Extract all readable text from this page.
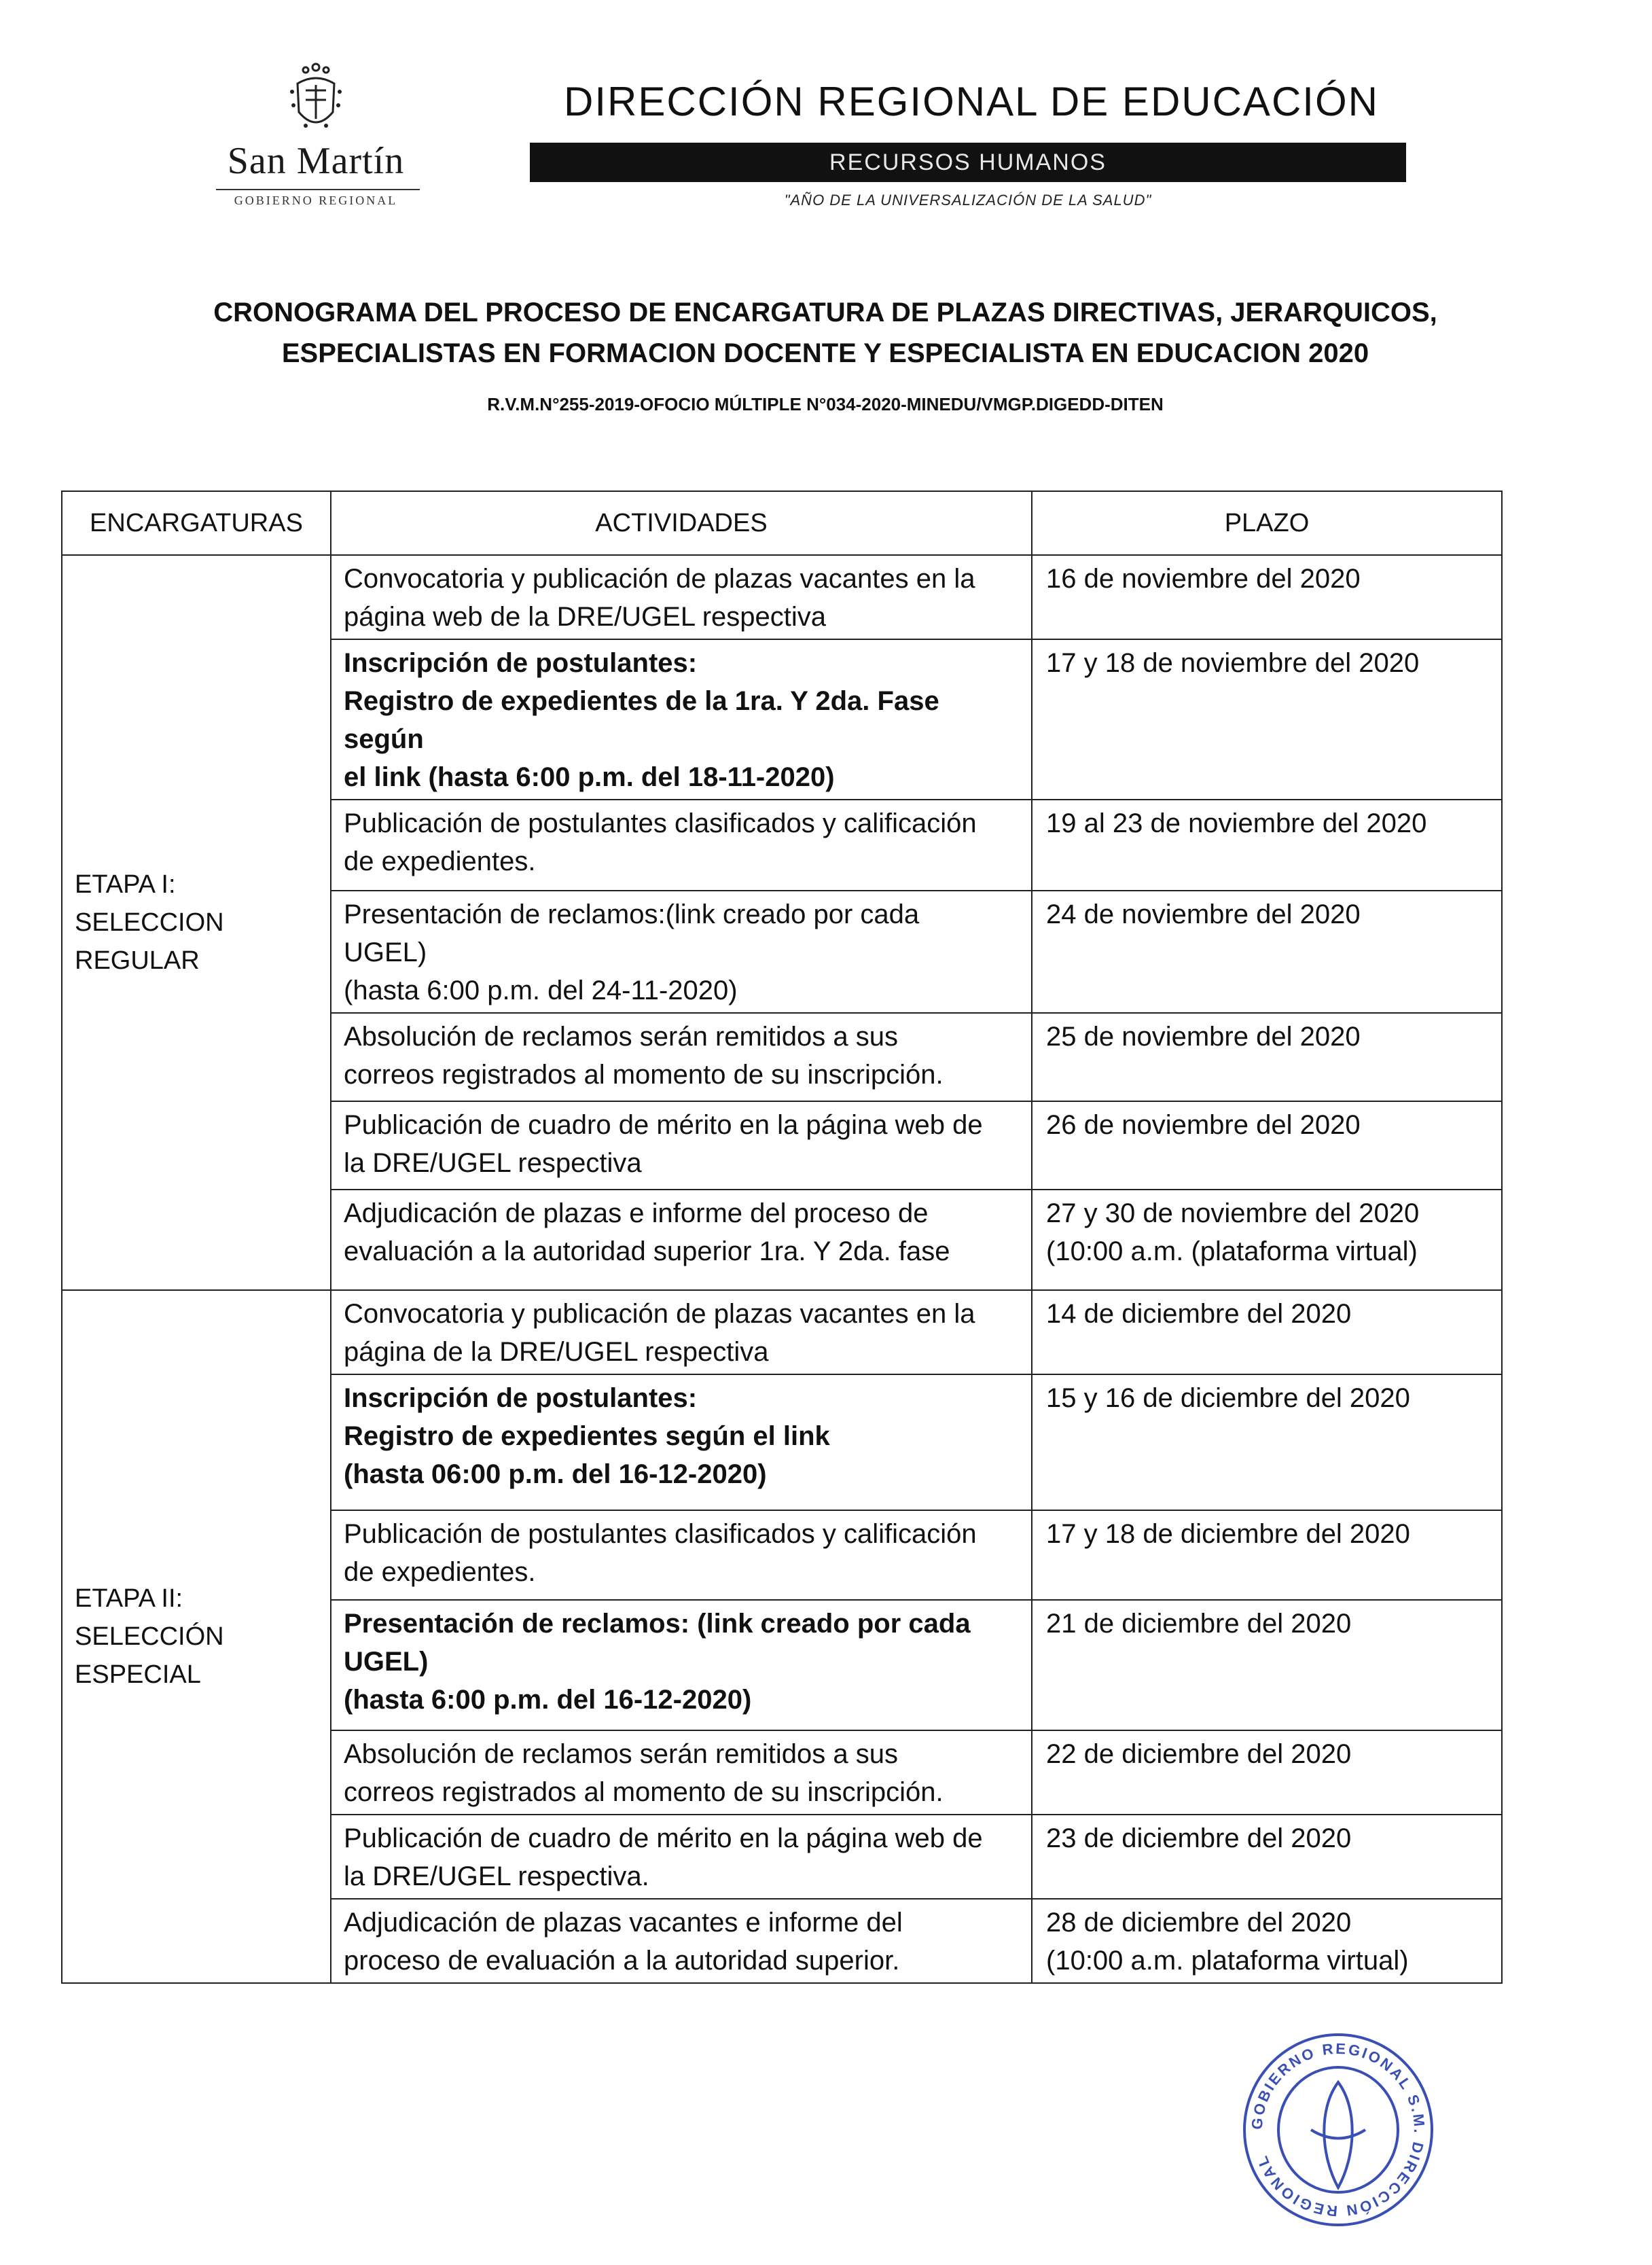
San Martín
GOBIERNO REGIONAL
DIRECCIÓN REGIONAL DE EDUCACIÓN
RECURSOS HUMANOS
"AÑO DE LA UNIVERSALIZACIÓN DE LA SALUD"
CRONOGRAMA DEL PROCESO DE ENCARGATURA DE PLAZAS DIRECTIVAS, JERARQUICOS,
ESPECIALISTAS EN FORMACION DOCENTE Y ESPECIALISTA EN EDUCACION 2020
R.V.M.N°255-2019-OFOCIO MÚLTIPLE N°034-2020-MINEDU/VMGP.DIGEDD-DITEN
ENCARGATURAS	ACTIVIDADES	PLAZO

ETAPA I:
SELECCION
REGULAR	Convocatoria y publicación de plazas vacantes en la
página web de la DRE/UGEL respectiva	16 de noviembre del 2020

	Inscripción de postulantes:
Registro de expedientes de la 1ra. Y 2da. Fase según
el link (hasta 6:00 p.m. del 18-11-2020)	17 y 18 de noviembre del 2020

	Publicación de postulantes clasificados y calificación
de expedientes.	19 al 23 de noviembre del 2020

	Presentación de reclamos:(link creado por cada
UGEL)
(hasta 6:00 p.m. del 24-11-2020)	24 de noviembre del 2020

	Absolución de reclamos serán remitidos a sus
correos registrados al momento de su inscripción.	25 de noviembre del 2020

	Publicación de cuadro de mérito en la página web de
la DRE/UGEL respectiva	26 de noviembre del 2020

	Adjudicación de plazas e informe del proceso de
evaluación a la autoridad superior 1ra. Y 2da. fase	27 y 30 de noviembre del 2020
(10:00 a.m. (plataforma virtual)

ETAPA II:
SELECCIÓN
ESPECIAL	Convocatoria y publicación de plazas vacantes en la
página de la DRE/UGEL respectiva	14 de diciembre del 2020

	Inscripción de postulantes:
Registro de expedientes según el link
(hasta 06:00 p.m. del 16-12-2020)	15 y 16 de diciembre del 2020

	Publicación de postulantes clasificados y calificación
de expedientes.	17 y 18 de diciembre del 2020

	Presentación de reclamos: (link creado por cada
UGEL)
(hasta 6:00 p.m. del 16-12-2020)	21 de diciembre del 2020

	Absolución de reclamos serán remitidos a sus
correos registrados al momento de su inscripción.	22 de diciembre del 2020

	Publicación de cuadro de mérito en la página web de
la DRE/UGEL respectiva.	23 de diciembre del 2020

	Adjudicación de plazas vacantes e informe del
proceso de evaluación a la autoridad superior.	28 de diciembre del 2020
(10:00 a.m. plataforma virtual)
GOBIERNO REGIONAL S.M. DIRECCIÓN REGIONAL
